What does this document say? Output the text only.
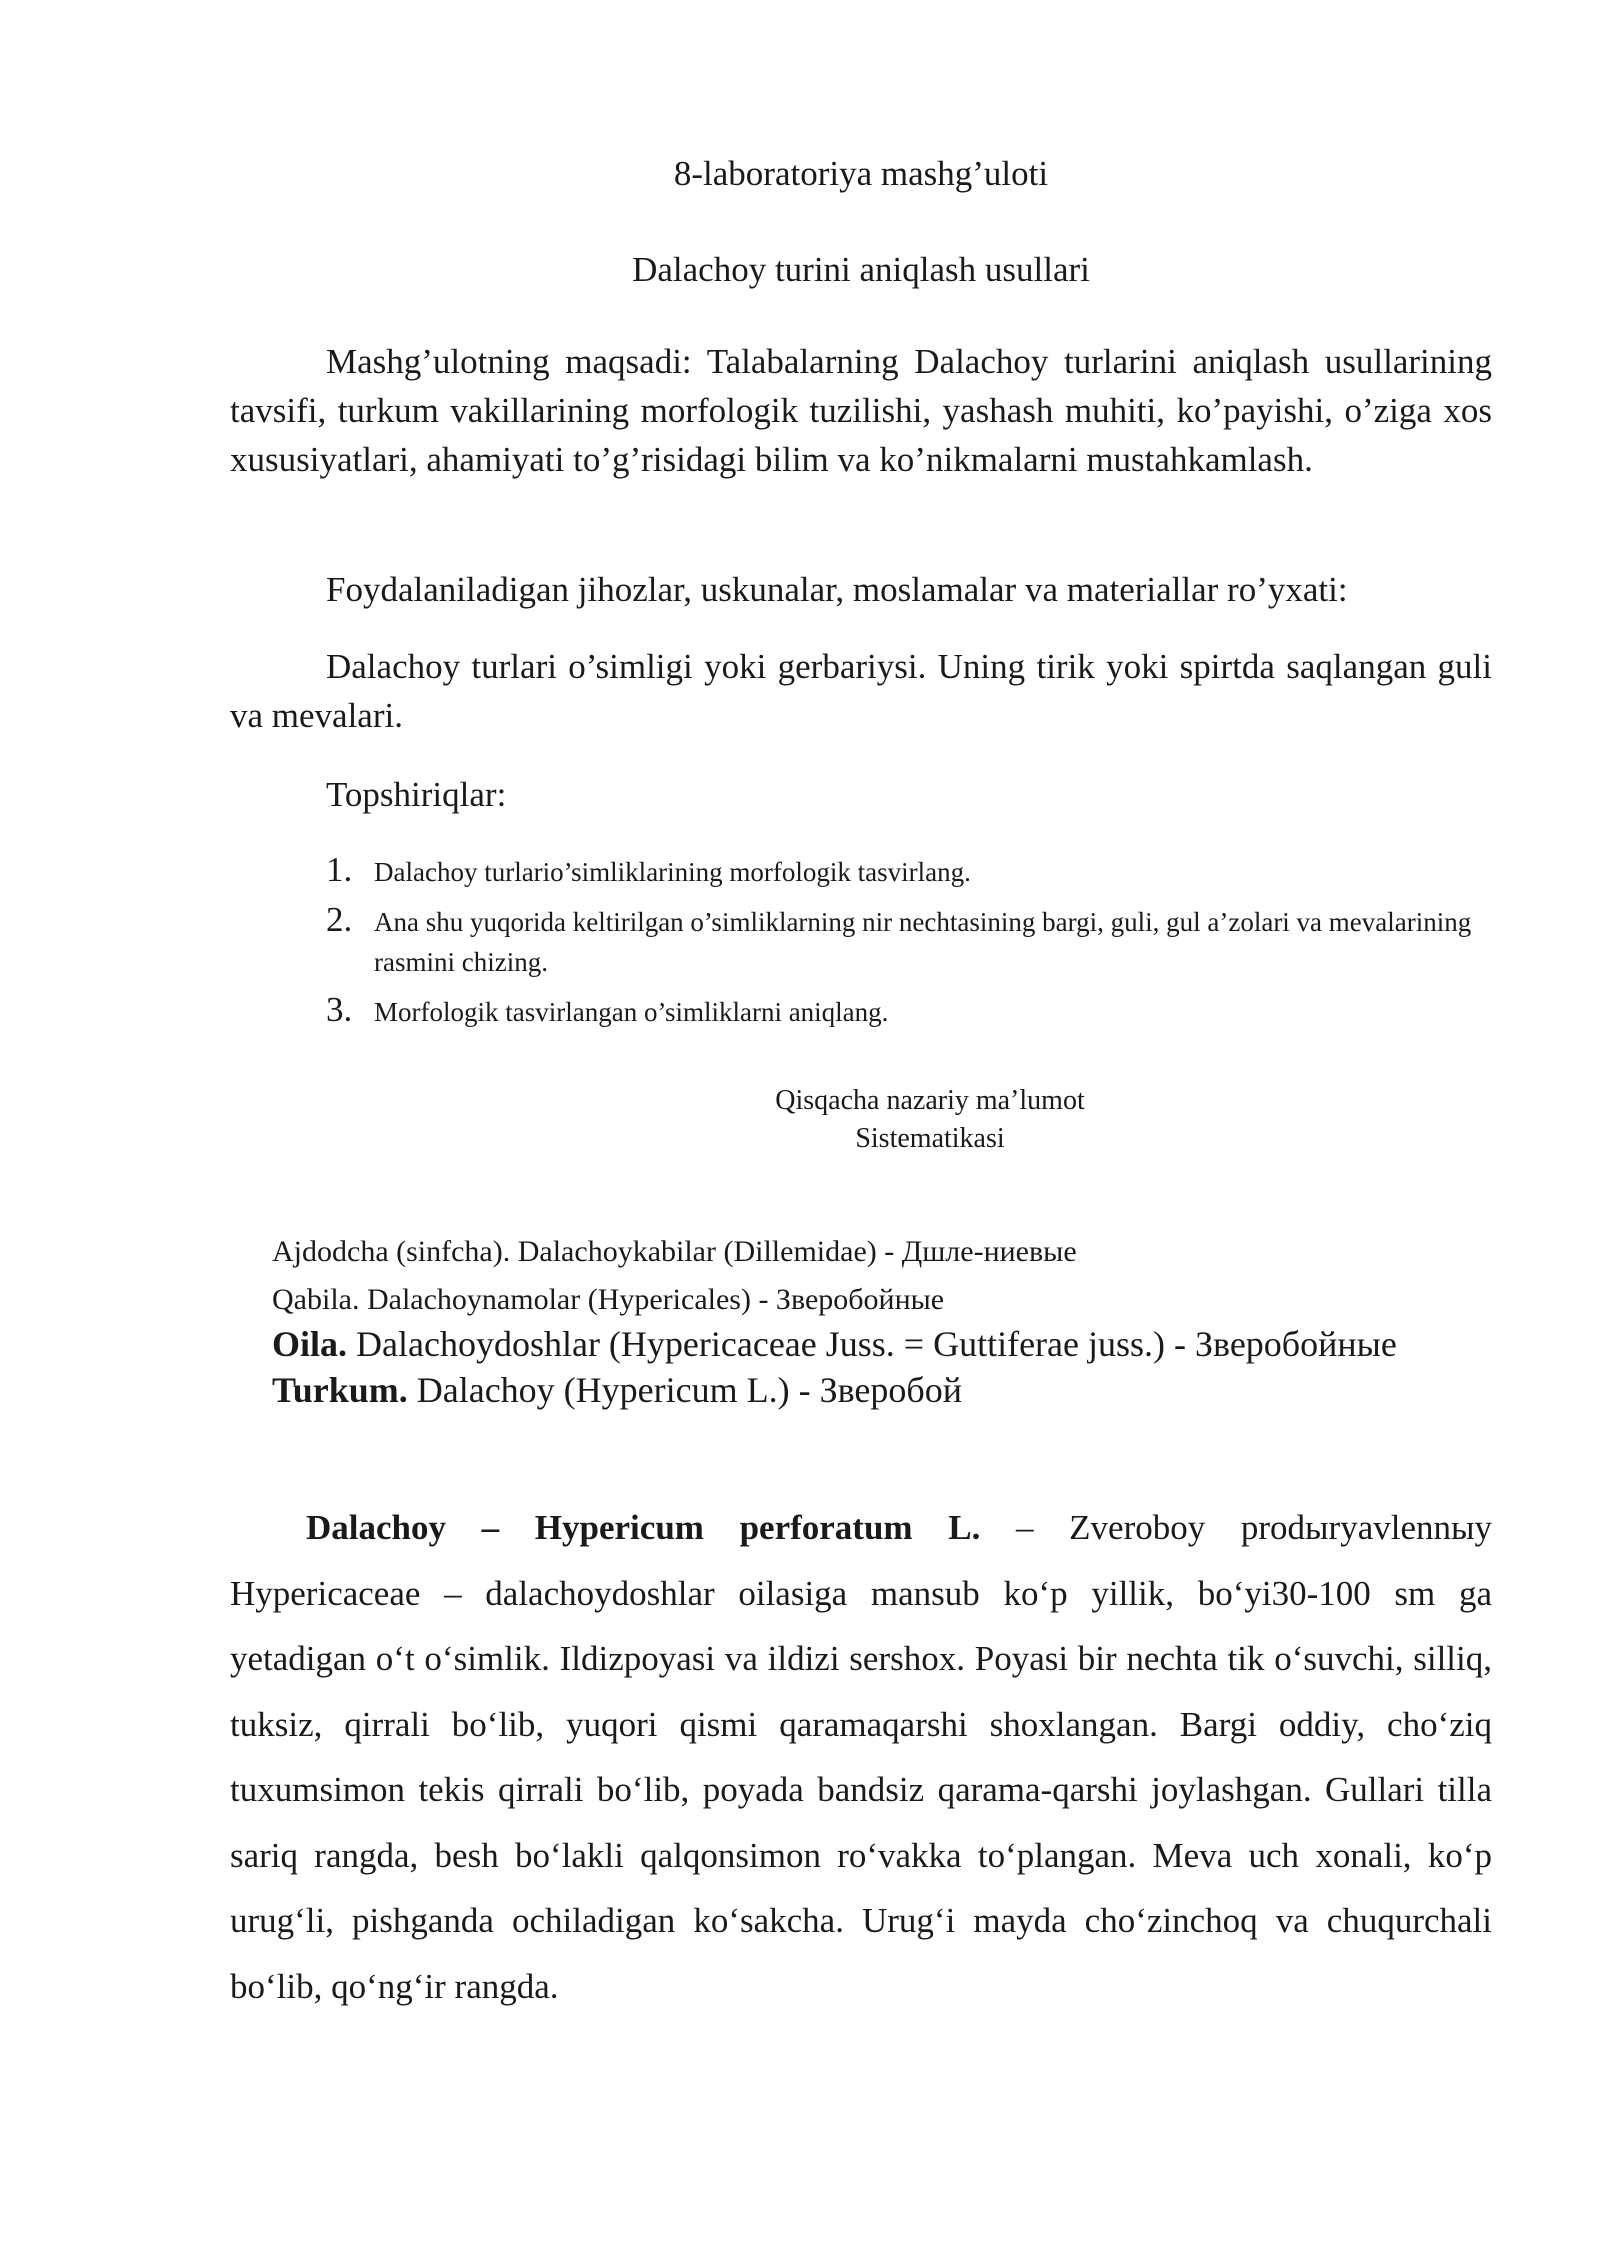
8-laboratoriya mashg’uloti
Dalachoy turini aniqlash usullari
Mashg’ulotning maqsadi: Talabalarning Dalachoy turlarini aniqlash usullarining tavsifi, turkum vakillarining morfologik tuzilishi, yashash muhiti, ko’payishi, o’ziga xos xususiyatlari, ahamiyati to’g’risidagi bilim va ko’nikmalarni mustahkamlash.
Foydalaniladigan jihozlar, uskunalar, moslamalar va materiallar ro’yxati:
Dalachoy turlari o’simligi yoki gerbariysi. Uning tirik yoki spirtda saqlangan guli va mevalari.
Topshiriqlar:
1. Dalachoy turlario’simliklarining morfologik tasvirlang.
2. Ana shu yuqorida keltirilgan o’simliklarning nir nechtasining bargi, guli, gul a’zolari va mevalarining rasmini chizing.
3. Morfologik tasvirlangan o’simliklarni aniqlang.
Qisqacha nazariy ma’lumot
Sistematikasi
Ajdodcha (sinfcha). Dalachoykabilar (Dillemidae) - Дшле-ниевые
Qabila. Dalachoynamolar (Hypericales) - Зверобойные
Oila. Dalachoydoshlar (Hypericaceae Juss. = Guttiferae juss.) - Зверобойные
Turkum. Dalachoy (Hypericum L.) - Зверобой
Dalachoy – Hypericum perforatum L. – Zveroboy prodыryavlennыy Hypericaceae – dalachoydoshlar oilasiga mansub ko‘p yillik, bo‘yi30-100 sm ga yetadigan o‘t o‘simlik. Ildizpoyasi va ildizi sershox. Poyasi bir nechta tik o‘suvchi, silliq, tuksiz, qirrali bo‘lib, yuqori qismi qaramaqarshi shoxlangan. Bargi oddiy, cho‘ziq tuxumsimon tekis qirrali bo‘lib, poyada bandsiz qarama-qarshi joylashgan. Gullari tilla sariq rangda, besh bo‘lakli qalqonsimon ro‘vakka to‘plangan. Meva uch xonali, ko‘p urug‘li, pishganda ochiladigan ko‘sakcha. Urug‘i mayda cho‘zinchoq va chuqurchali bo‘lib, qo‘ng‘ir rangda.
